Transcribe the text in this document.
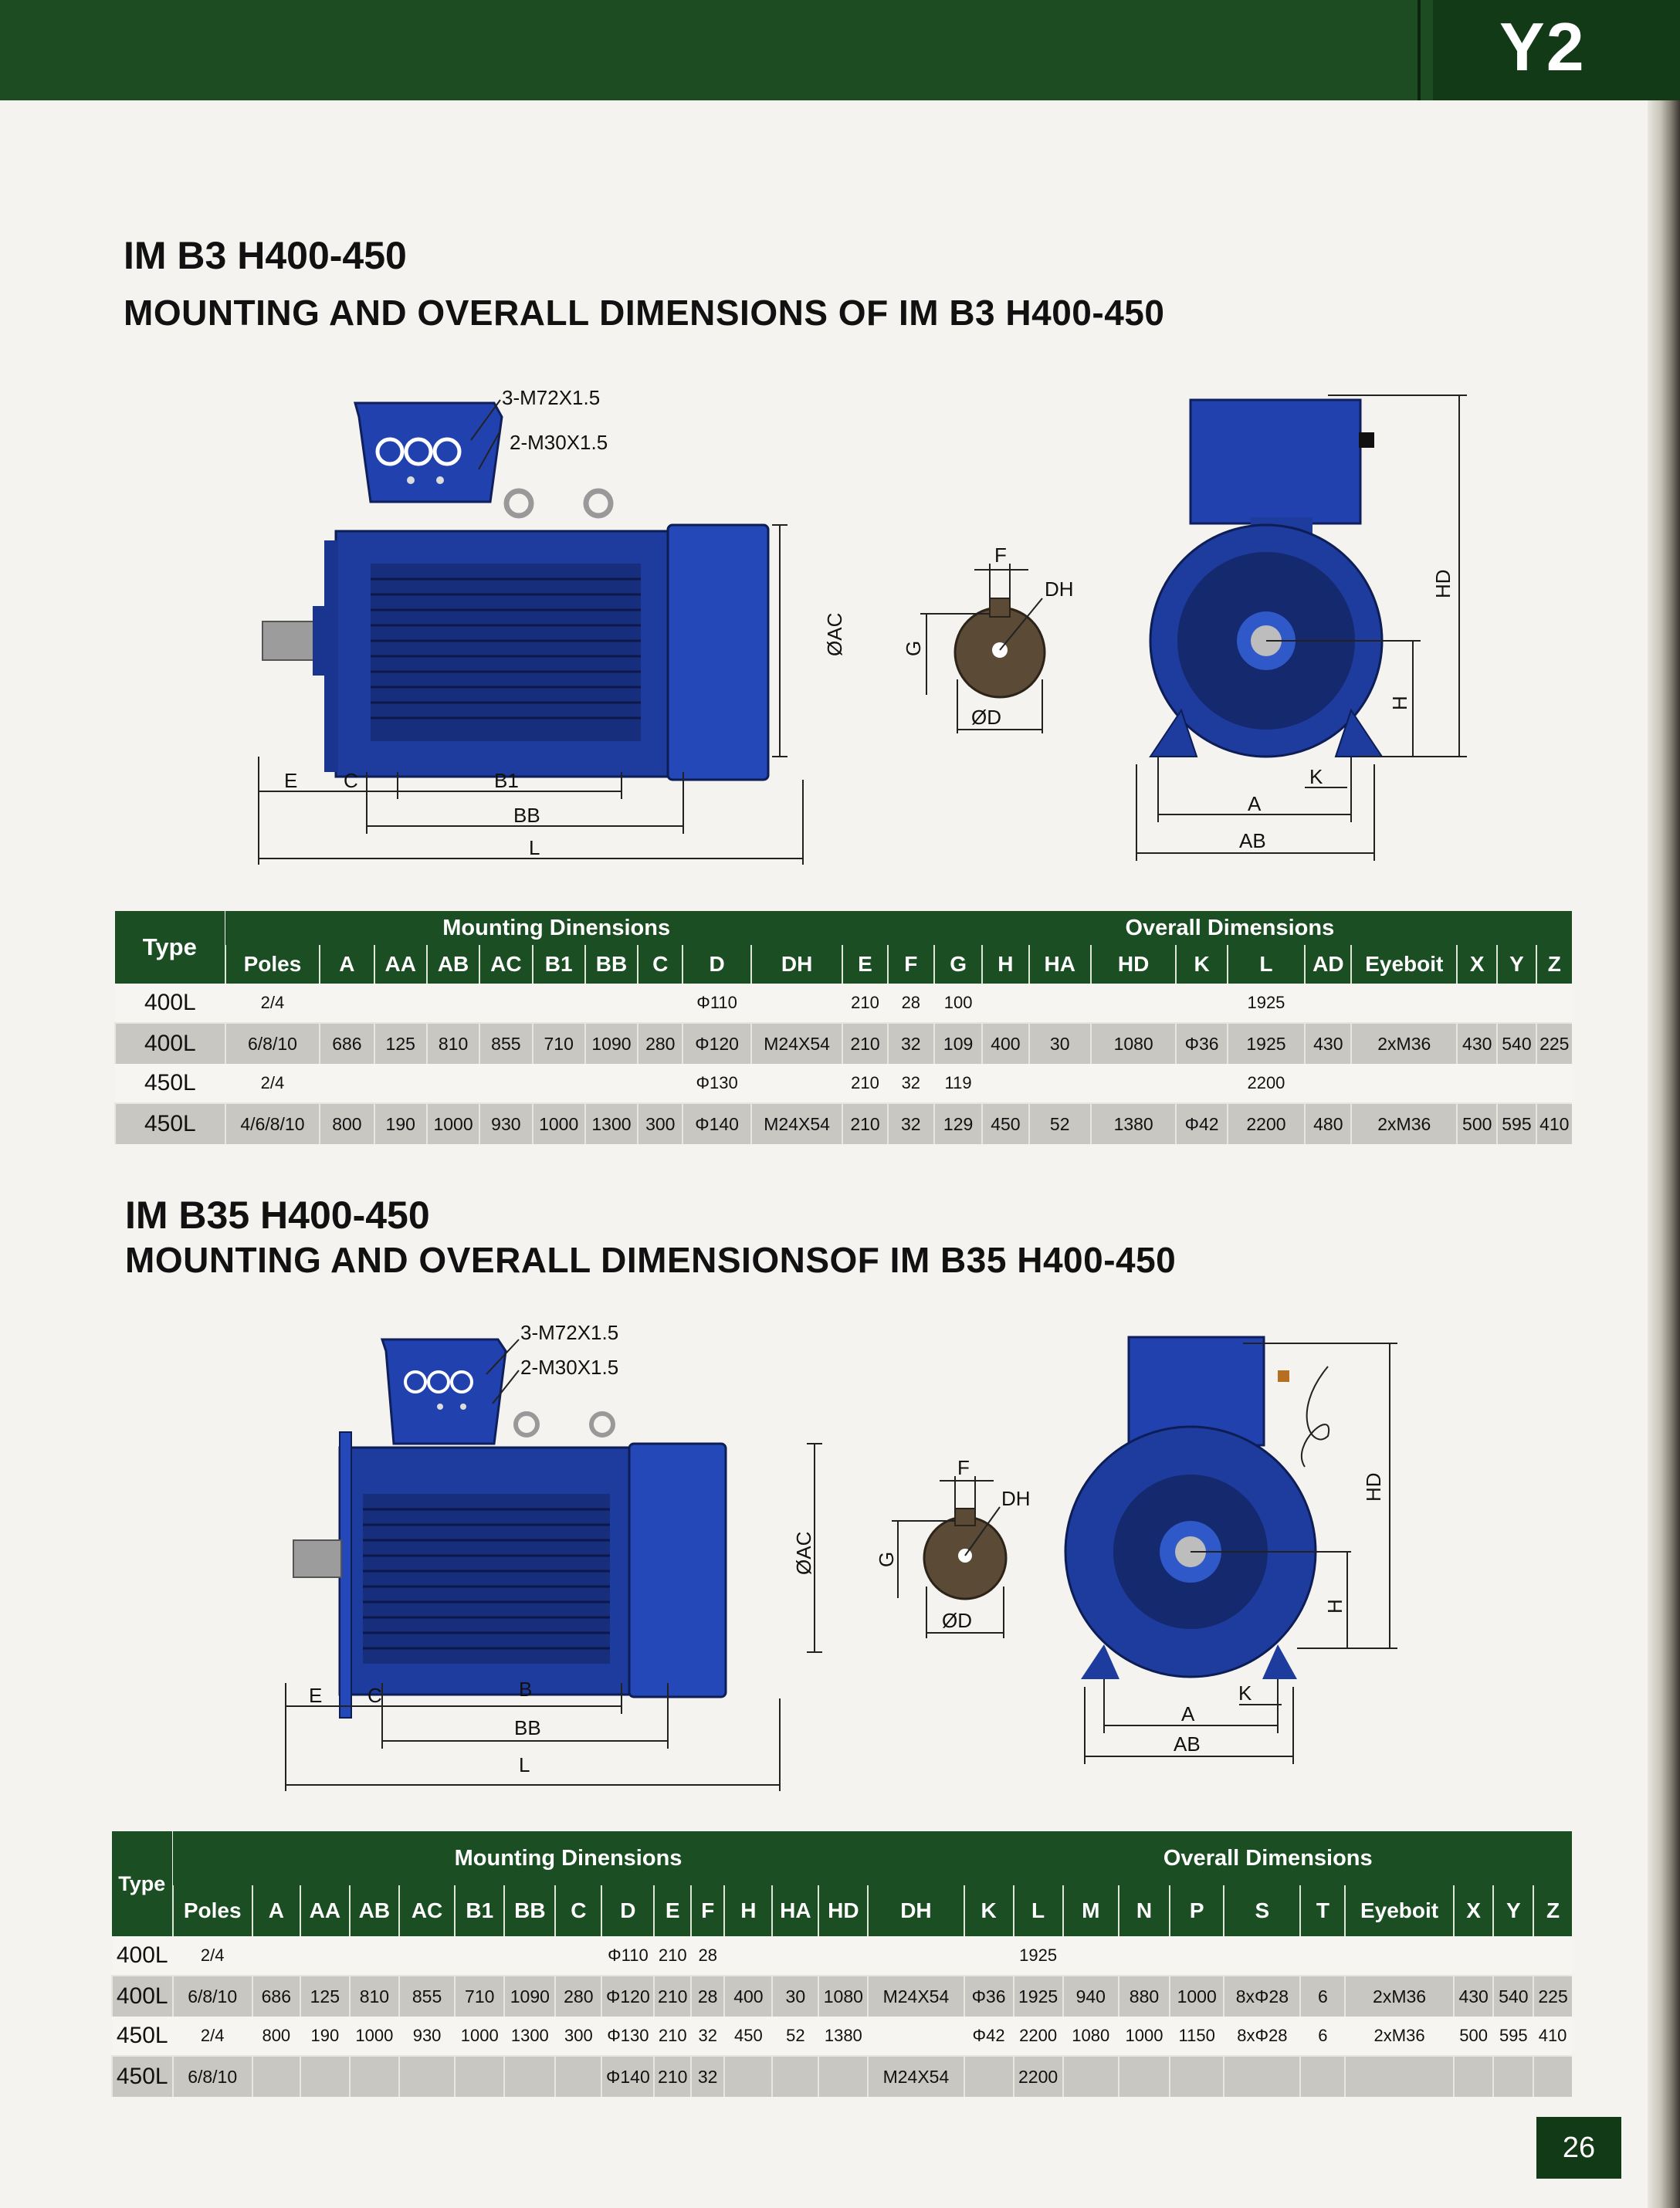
Y2
IM B3 H400-450
MOUNTING AND OVERALL DIMENSIONS OF IM B3 H400-450
3-M72X1.5
2-M30X1.5
ØAC
E C	B1
BB
L
F
DH
G
ØD
HD
H
K
A
AB
Type	Mounting Dinensions											Overall Dimensions											
	Poles	A	AA	AB	AC	B1	BB	C	D	DH	E	F	G	H	HA	HD	K	L	AD	Eyeboit	X	Y	Z
400L	2/4								Φ110		210	28	100					1925					
400L	6/8/10	686	125	810	855	710	1090	280	Φ120	M24X54	210	32	109	400	30	1080	Φ36	1925	430	2xM36	430	540	225
450L	2/4								Φ130		210	32	119					2200					
450L	4/6/8/10	800	190	1000	930	1000	1300	300	Φ140	M24X54	210	32	129	450	52	1380	Φ42	2200	480	2xM36	500	595	410
IM B35 H400-450
MOUNTING AND OVERALL DIMENSIONSOF IM B35 H400-450
3-M72X1.5
2-M30X1.5
ØAC
E C	B
BB
L
F
DH
G
ØD
HD
H
K
A
AB
Type	Mounting Dinensions															Overall Dimensions										
	Poles	A	AA	AB	AC	B1	BB	C	D	E	F	H	HA	HD	DH	K	L	M	N	P	S	T	Eyeboit	X	Y	Z
400L	2/4								Φ110	210	28						1925									
400L	6/8/10	686	125	810	855	710	1090	280	Φ120	210	28	400	30	1080	M24X54	Φ36	1925	940	880	1000	8xΦ28	6	2xM36	430	540	225
450L	2/4	800	190	1000	930	1000	1300	300	Φ130	210	32	450	52	1380		Φ42	2200	1080	1000	1150	8xΦ28	6	2xM36	500	595	410
450L	6/8/10								Φ140	210	32				M24X54		2200									
26
